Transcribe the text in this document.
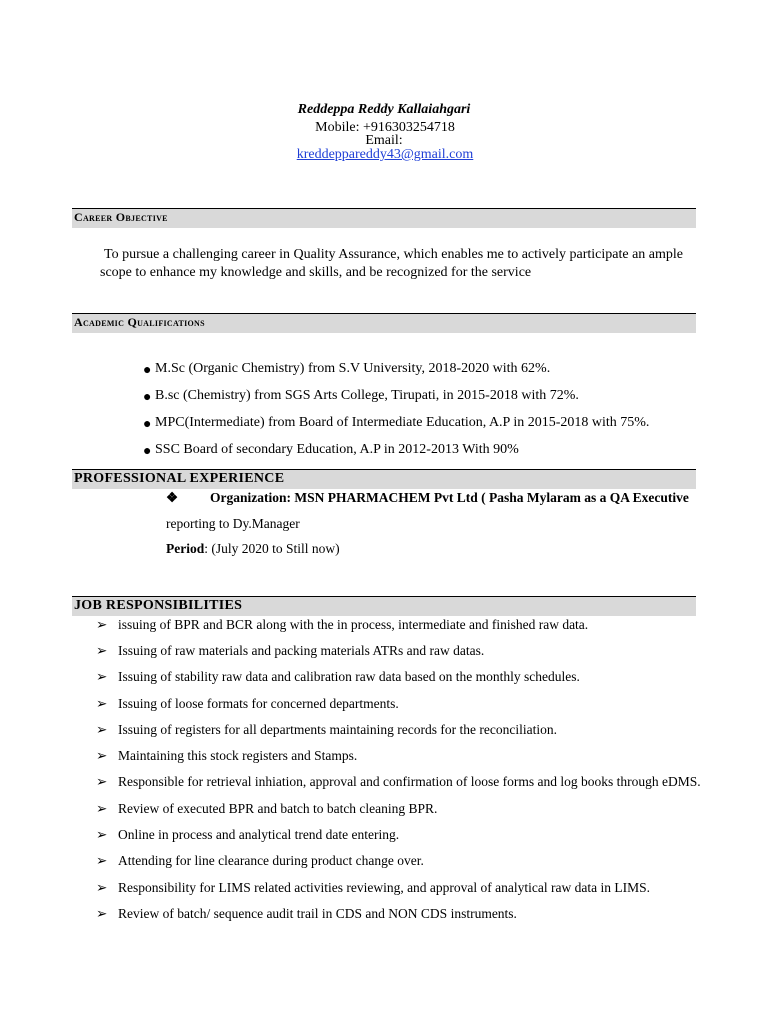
Reddeppa Reddy Kallaiahgari
Mobile: +916303254718
Email:
kreddeppareddy43@gmail.com
Career Objective
To pursue a challenging career in Quality Assurance, which enables me to actively participate an ample scope to enhance my knowledge and skills, and be recognized for the service
Academic Qualifications
● M.Sc (Organic Chemistry) from S.V University, 2018-2020 with 62%.
● B.sc (Chemistry) from SGS Arts College, Tirupati, in 2015-2018 with 72%.
● MPC(Intermediate) from Board of Intermediate Education, A.P in 2015-2018 with 75%.
● SSC Board of secondary Education, A.P in 2012-2013 With 90%
PROFESSIONAL EXPERIENCE
❖ Organization: MSN PHARMACHEM Pvt Ltd ( Pasha Mylaram as a QA Executive
reporting to Dy.Manager
Period: (July 2020 to Still now)
JOB RESPONSIBILITIES
➢ issuing of BPR and BCR along with the in process, intermediate and finished raw data.
➢ Issuing of raw materials and packing materials ATRs and raw datas.
➢ Issuing of stability raw data and calibration raw data based on the monthly schedules.
➢ Issuing of loose formats for concerned departments.
➢ Issuing of registers for all departments maintaining records for the reconciliation.
➢ Maintaining this stock registers and Stamps.
➢ Responsible for retrieval inhiation, approval and confirmation of loose forms and log books through eDMS.
➢ Review of executed BPR and batch to batch cleaning BPR.
➢ Online in process and analytical trend date entering.
➢ Attending for line clearance during product change over.
➢ Responsibility for LIMS related activities reviewing, and approval of analytical raw data in LIMS.
➢ Review of batch/ sequence audit trail in CDS and NON CDS instruments.
